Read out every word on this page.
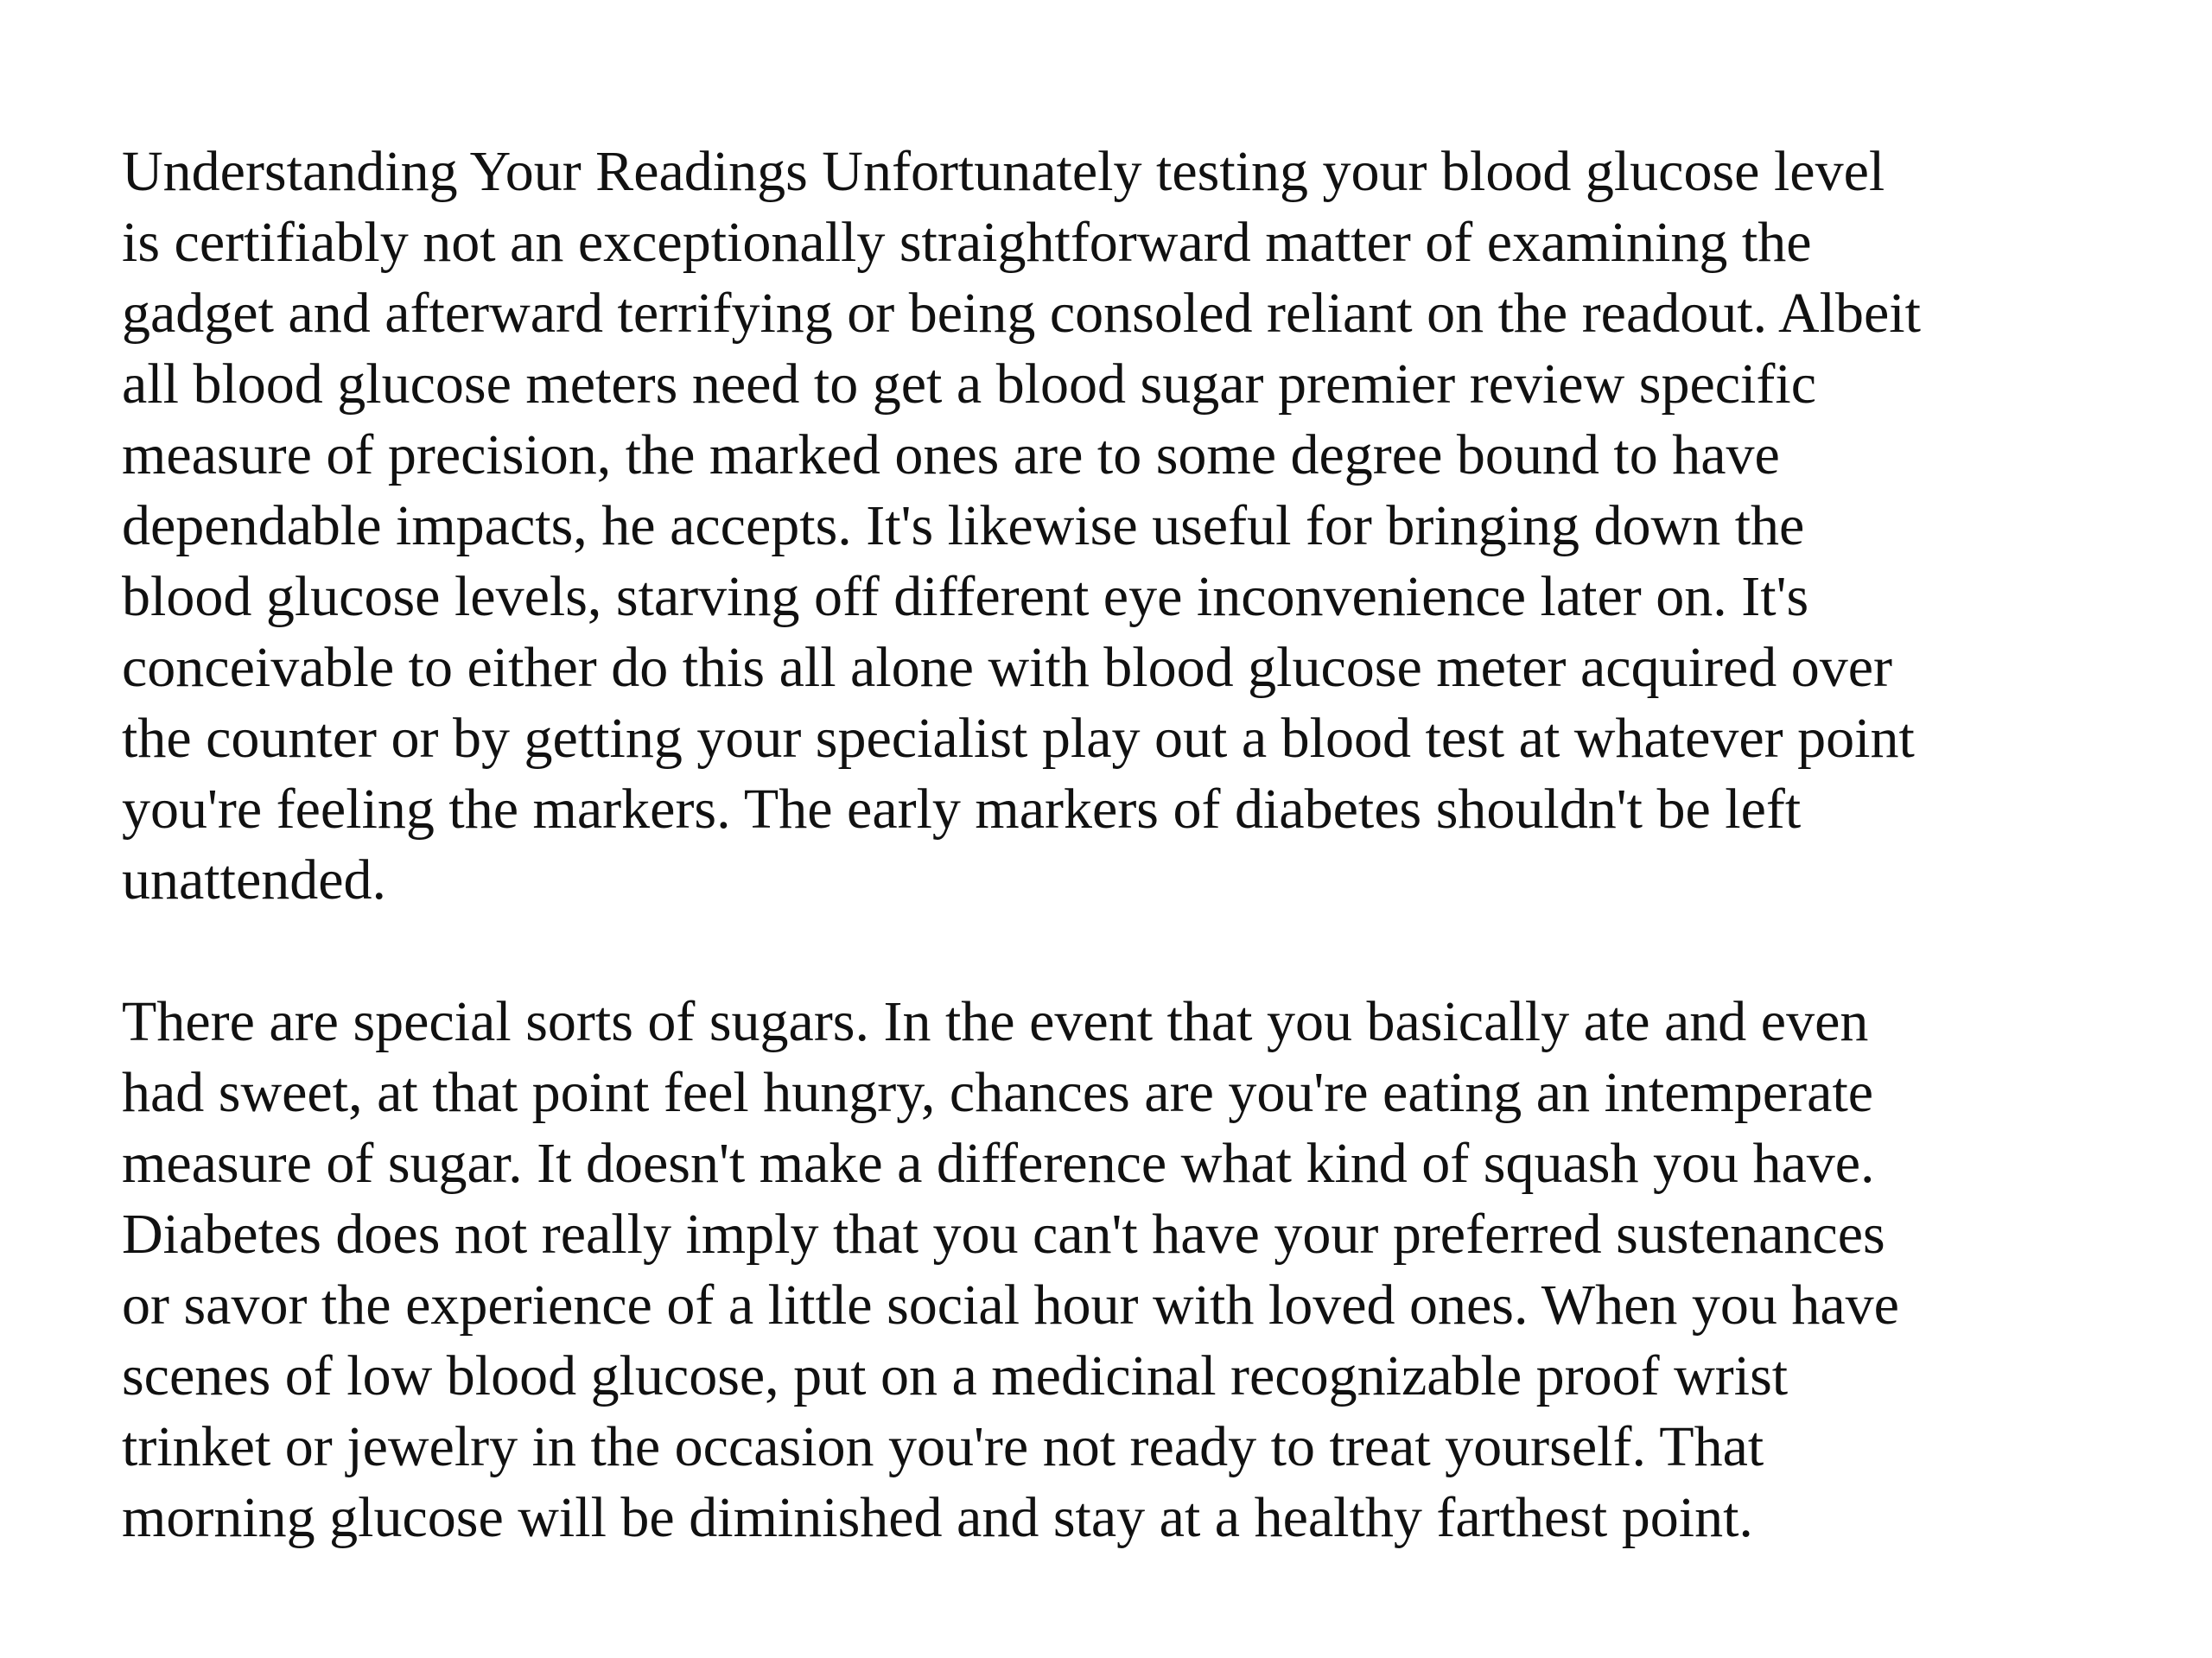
Understanding Your Readings Unfortunately testing your blood glucose level
is certifiably not an exceptionally straightforward matter of examining the
gadget and afterward terrifying or being consoled reliant on the readout. Albeit
all blood glucose meters need to get a blood sugar premier review specific
measure of precision, the marked ones are to some degree bound to have
dependable impacts, he accepts. It's likewise useful for bringing down the
blood glucose levels, starving off different eye inconvenience later on. It's
conceivable to either do this all alone with blood glucose meter acquired over
the counter or by getting your specialist play out a blood test at whatever point
you're feeling the markers. The early markers of diabetes shouldn't be left
unattended.
There are special sorts of sugars. In the event that you basically ate and even
had sweet, at that point feel hungry, chances are you're eating an intemperate
measure of sugar. It doesn't make a difference what kind of squash you have.
Diabetes does not really imply that you can't have your preferred sustenances
or savor the experience of a little social hour with loved ones. When you have
scenes of low blood glucose, put on a medicinal recognizable proof wrist
trinket or jewelry in the occasion you're not ready to treat yourself. That
morning glucose will be diminished and stay at a healthy farthest point.
